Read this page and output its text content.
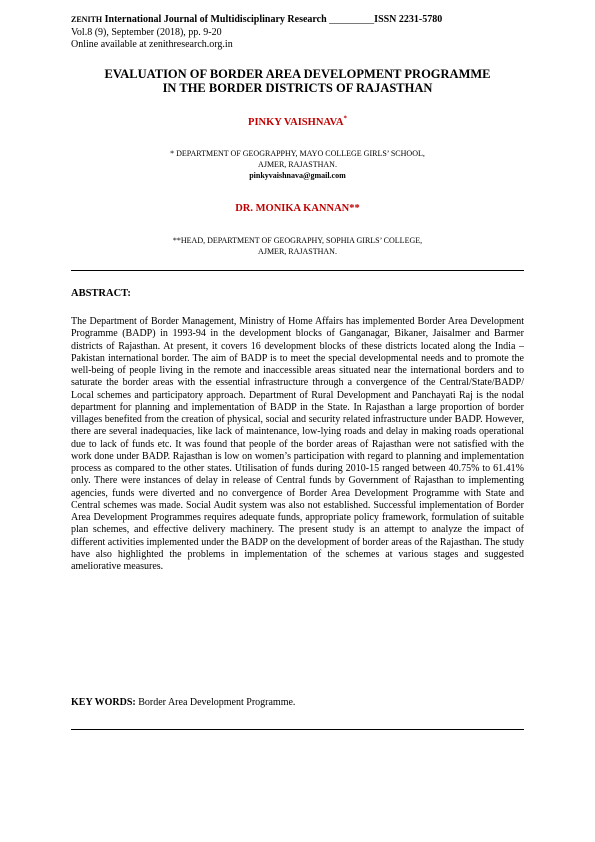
ZENITH International Journal of Multidisciplinary Research _________ISSN 2231-5780
Vol.8 (9), September (2018), pp. 9-20
Online available at zenithresearch.org.in
EVALUATION OF BORDER AREA DEVELOPMENT PROGRAMME
IN THE BORDER DISTRICTS OF RAJASTHAN
PINKY VAISHNAVA*
* DEPARTMENT OF GEOGRAPPHY, MAYO COLLEGE GIRLS’ SCHOOL,
AJMER, RAJASTHAN.
pinkyvaishnava@gmail.com
DR. MONIKA KANNAN**
**HEAD, DEPARTMENT OF GEOGRAPHY, SOPHIA GIRLS’ COLLEGE,
AJMER, RAJASTHAN.
ABSTRACT:

The Department of Border Management, Ministry of Home Affairs has implemented Border Area Development Programme (BADP) in 1993-94 in the development blocks of Ganganagar, Bikaner, Jaisalmer and Barmer districts of Rajasthan. At present, it covers 16 development blocks of these districts located along the India –Pakistan international border. The aim of BADP is to meet the special developmental needs and to promote the well-being of people living in the remote and inaccessible areas situated near the international borders and to saturate the border areas with the essential infrastructure through a convergence of the Central/State/BADP/ Local schemes and participatory approach. Department of Rural Development and Panchayati Raj is the nodal department for planning and implementation of BADP in the State. In Rajasthan a large proportion of border villages benefited from the creation of physical, social and security related infrastructure under BADP. However, there are several inadequacies, like lack of maintenance, low-lying roads and delay in making roads operational due to lack of funds etc. It was found that people of the border areas of Rajasthan were not satisfied with the work done under BADP. Rajasthan is low on women’s participation with regard to planning and implementation process as compared to the other states. Utilisation of funds during 2010-15 ranged between 40.75% to 61.41% only. There were instances of delay in release of Central funds by Government of Rajasthan to implementing agencies, funds were diverted and no convergence of Border Area Development Programme with State and Central schemes was made. Social Audit system was also not established. Successful implementation of Border Area Development Programmes requires adequate funds, appropriate policy framework, formulation of suitable plan schemes, and effective delivery machinery. The present study is an attempt to analyze the impact of different activities implemented under the BADP on the development of border areas of the Rajasthan. The study have also highlighted the problems in implementation of the schemes at various stages and suggested ameliorative measures.

KEY WORDS: Border Area Development Programme.
